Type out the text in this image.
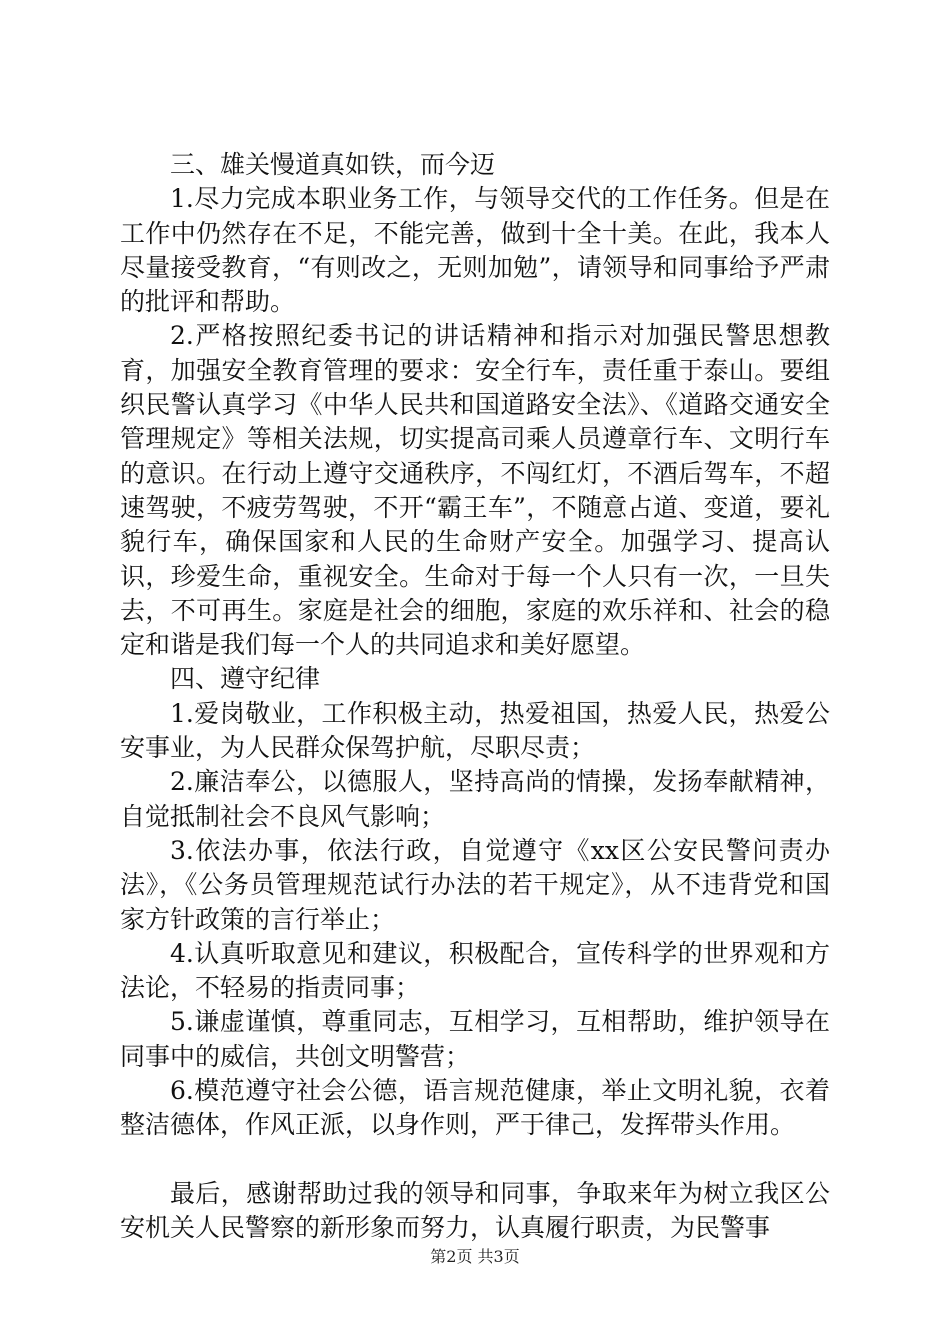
三、雄关慢道真如铁，而今迈

1.尽力完成本职业务工作，与领导交代的工作任务。但是在工作中仍然存在不足，不能完善，做到十全十美。在此，我本人尽量接受教育，“有则改之，无则加勉”，请领导和同事给予严肃的批评和帮助。

2.严格按照纪委书记的讲话精神和指示对加强民警思想教育，加强安全教育管理的要求：安全行车，责任重于泰山。要组织民警认真学习《中华人民共和国道路安全法》、《道路交通安全管理规定》等相关法规，切实提高司乘人员遵章行车、文明行车的意识。在行动上遵守交通秩序，不闯红灯，不酒后驾车，不超速驾驶，不疲劳驾驶，不开“霸王车”，不随意占道、变道，要礼貌行车，确保国家和人民的生命财产安全。加强学习、提高认识，珍爱生命，重视安全。生命对于每一个人只有一次，一旦失去，不可再生。家庭是社会的细胞，家庭的欢乐祥和、社会的稳定和谐是我们每一个人的共同追求和美好愿望。

四、遵守纪律

1.爱岗敬业，工作积极主动，热爱祖国，热爱人民，热爱公安事业，为人民群众保驾护航，尽职尽责；

2.廉洁奉公，以德服人，坚持高尚的情操，发扬奉献精神，自觉抵制社会不良风气影响；

3.依法办事，依法行政，自觉遵守《xx区公安民警问责办法》，《公务员管理规范试行办法的若干规定》，从不违背党和国家方针政策的言行举止；

4.认真听取意见和建议，积极配合，宣传科学的世界观和方法论，不轻易的指责同事；

5.谦虚谨慎，尊重同志，互相学习，互相帮助，维护领导在同事中的威信，共创文明警营；

6.模范遵守社会公德，语言规范健康，举止文明礼貌，衣着整洁德体，作风正派，以身作则，严于律己，发挥带头作用。

最后，感谢帮助过我的领导和同事，争取来年为树立我区公安机关人民警察的新形象而努力，认真履行职责，为民警事

第2页 共3页
